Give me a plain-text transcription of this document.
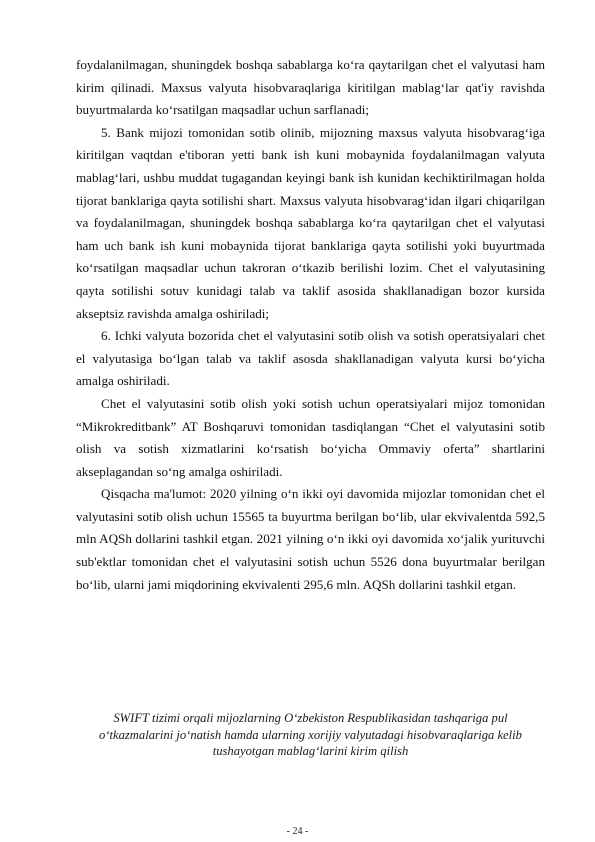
foydalanilmagan, shuningdek boshqa sabablarga ko‘ra qaytarilgan chet el valyutasi ham kirim qilinadi. Maxsus valyuta hisobvaraqlariga kiritilgan mablag‘lar qat'iy ravishda buyurtmalarda ko‘rsatilgan maqsadlar uchun sarflanadi;

5. Bank mijozi tomonidan sotib olinib, mijozning maxsus valyuta hisobvarag‘iga kiritilgan vaqtdan e'tiboran yetti bank ish kuni mobaynida foydalanilmagan valyuta mablag‘lari, ushbu muddat tugagandan keyingi bank ish kunidan kechiktirilmagan holda tijorat banklariga qayta sotilishi shart. Maxsus valyuta hisobvarag‘idan ilgari chiqarilgan va foydalanilmagan, shuningdek boshqa sabablarga ko‘ra qaytarilgan chet el valyutasi ham uch bank ish kuni mobaynida tijorat banklariga qayta sotilishi yoki buyurtmada ko‘rsatilgan maqsadlar uchun takroran o‘tkazib berilishi lozim. Chet el valyutasining qayta sotilishi sotuv kunidagi talab va taklif asosida shakllanadigan bozor kursida akseptsiz ravishda amalga oshiriladi;

6. Ichki valyuta bozorida chet el valyutasini sotib olish va sotish operatsiyalari chet el valyutasiga bo‘lgan talab va taklif asosda shakllanadigan valyuta kursi bo‘yicha amalga oshiriladi.

Chet el valyutasini sotib olish yoki sotish uchun operatsiyalari mijoz tomonidan “Mikrokreditbank” AT Boshqaruvi tomonidan tasdiqlangan “Chet el valyutasini sotib olish va sotish xizmatlarini ko‘rsatish bo‘yicha Ommaviy oferta” shartlarini akseplagandan so‘ng amalga oshiriladi.

Qisqacha ma'lumot: 2020 yilning o‘n ikki oyi davomida mijozlar tomonidan chet el valyutasini sotib olish uchun 15565 ta buyurtma berilgan bo‘lib, ular ekvivalentda 592,5 mln AQSh dollarini tashkil etgan. 2021 yilning o‘n ikki oyi davomida xo‘jalik yurituvchi sub'ektlar tomonidan chet el valyutasini sotish uchun 5526 dona buyurtmalar berilgan bo‘lib, ularni jami miqdorining ekvivalenti 295,6 mln. AQSh dollarini tashkil etgan.

SWIFT tizimi orqali mijozlarning O‘zbekiston Respublikasidan tashqariga pul o‘tkazmalarini jo‘natish hamda ularning xorijiy valyutadagi hisobvaraqlariga kelib tushayotgan mablag‘larini kirim qilish

- 24 -
